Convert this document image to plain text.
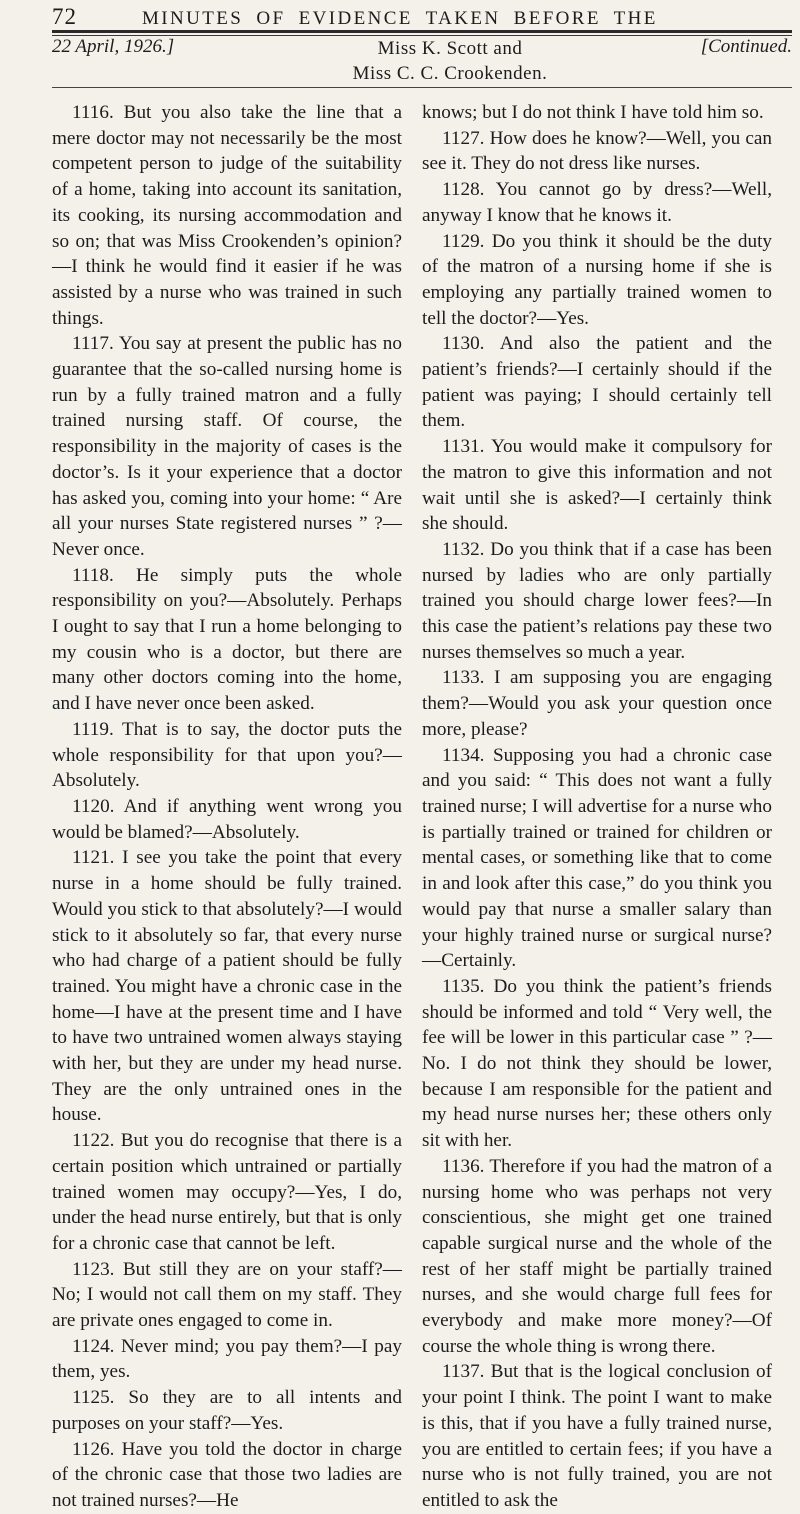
72	MINUTES OF EVIDENCE TAKEN BEFORE THE
22 April, 1926.]	Miss K. Scott and
Miss C. C. Crookenden.
[Continued.

1116. But you also take the line that a mere doctor may not necessarily be the most competent person to judge of the suitability of a home, taking into account its sanitation, its cooking, its nursing accommodation and so on; that was Miss Crookenden’s opinion?—I think he would find it easier if he was assisted by a nurse who was trained in such things.

1117. You say at present the public has no guarantee that the so-called nursing home is run by a fully trained matron and a fully trained nursing staff. Of course, the responsibility in the majority of cases is the doctor’s. Is it your experience that a doctor has asked you, coming into your home: “ Are all your nurses State registered nurses ” ?—Never once.

1118. He simply puts the whole responsibility on you?—Absolutely. Perhaps I ought to say that I run a home belonging to my cousin who is a doctor, but there are many other doctors coming into the home, and I have never once been asked.

1119. That is to say, the doctor puts the whole responsibility for that upon you?—Absolutely.

1120. And if anything went wrong you would be blamed?—Absolutely.

1121. I see you take the point that every nurse in a home should be fully trained. Would you stick to that absolutely?—I would stick to it absolutely so far, that every nurse who had charge of a patient should be fully trained. You might have a chronic case in the home—I have at the present time and I have to have two untrained women always staying with her, but they are under my head nurse. They are the only untrained ones in the house.

1122. But you do recognise that there is a certain position which untrained or partially trained women may occupy?—Yes, I do, under the head nurse entirely, but that is only for a chronic case that cannot be left.

1123. But still they are on your staff?—No; I would not call them on my staff. They are private ones engaged to come in.

1124. Never mind; you pay them?—I pay them, yes.

1125. So they are to all intents and purposes on your staff?—Yes.

1126. Have you told the doctor in charge of the chronic case that those two ladies are not trained nurses?—He

knows; but I do not think I have told him so.

1127. How does he know?—Well, you can see it. They do not dress like nurses.

1128. You cannot go by dress?—Well, anyway I know that he knows it.

1129. Do you think it should be the duty of the matron of a nursing home if she is employing any partially trained women to tell the doctor?—Yes.

1130. And also the patient and the patient’s friends?—I certainly should if the patient was paying; I should certainly tell them.

1131. You would make it compulsory for the matron to give this information and not wait until she is asked?—I certainly think she should.

1132. Do you think that if a case has been nursed by ladies who are only partially trained you should charge lower fees?—In this case the patient’s relations pay these two nurses themselves so much a year.

1133. I am supposing you are engaging them?—Would you ask your question once more, please?

1134. Supposing you had a chronic case and you said: “ This does not want a fully trained nurse; I will advertise for a nurse who is partially trained or trained for children or mental cases, or something like that to come in and look after this case,” do you think you would pay that nurse a smaller salary than your highly trained nurse or surgical nurse?—Certainly.

1135. Do you think the patient’s friends should be informed and told “ Very well, the fee will be lower in this particular case ” ?—No. I do not think they should be lower, because I am responsible for the patient and my head nurse nurses her; these others only sit with her.

1136. Therefore if you had the matron of a nursing home who was perhaps not very conscientious, she might get one trained capable surgical nurse and the whole of the rest of her staff might be partially trained nurses, and she would charge full fees for everybody and make more money?—Of course the whole thing is wrong there.

1137. But that is the logical conclusion of your point I think. The point I want to make is this, that if you have a fully trained nurse, you are entitled to certain fees; if you have a nurse who is not fully trained, you are not entitled to ask the
